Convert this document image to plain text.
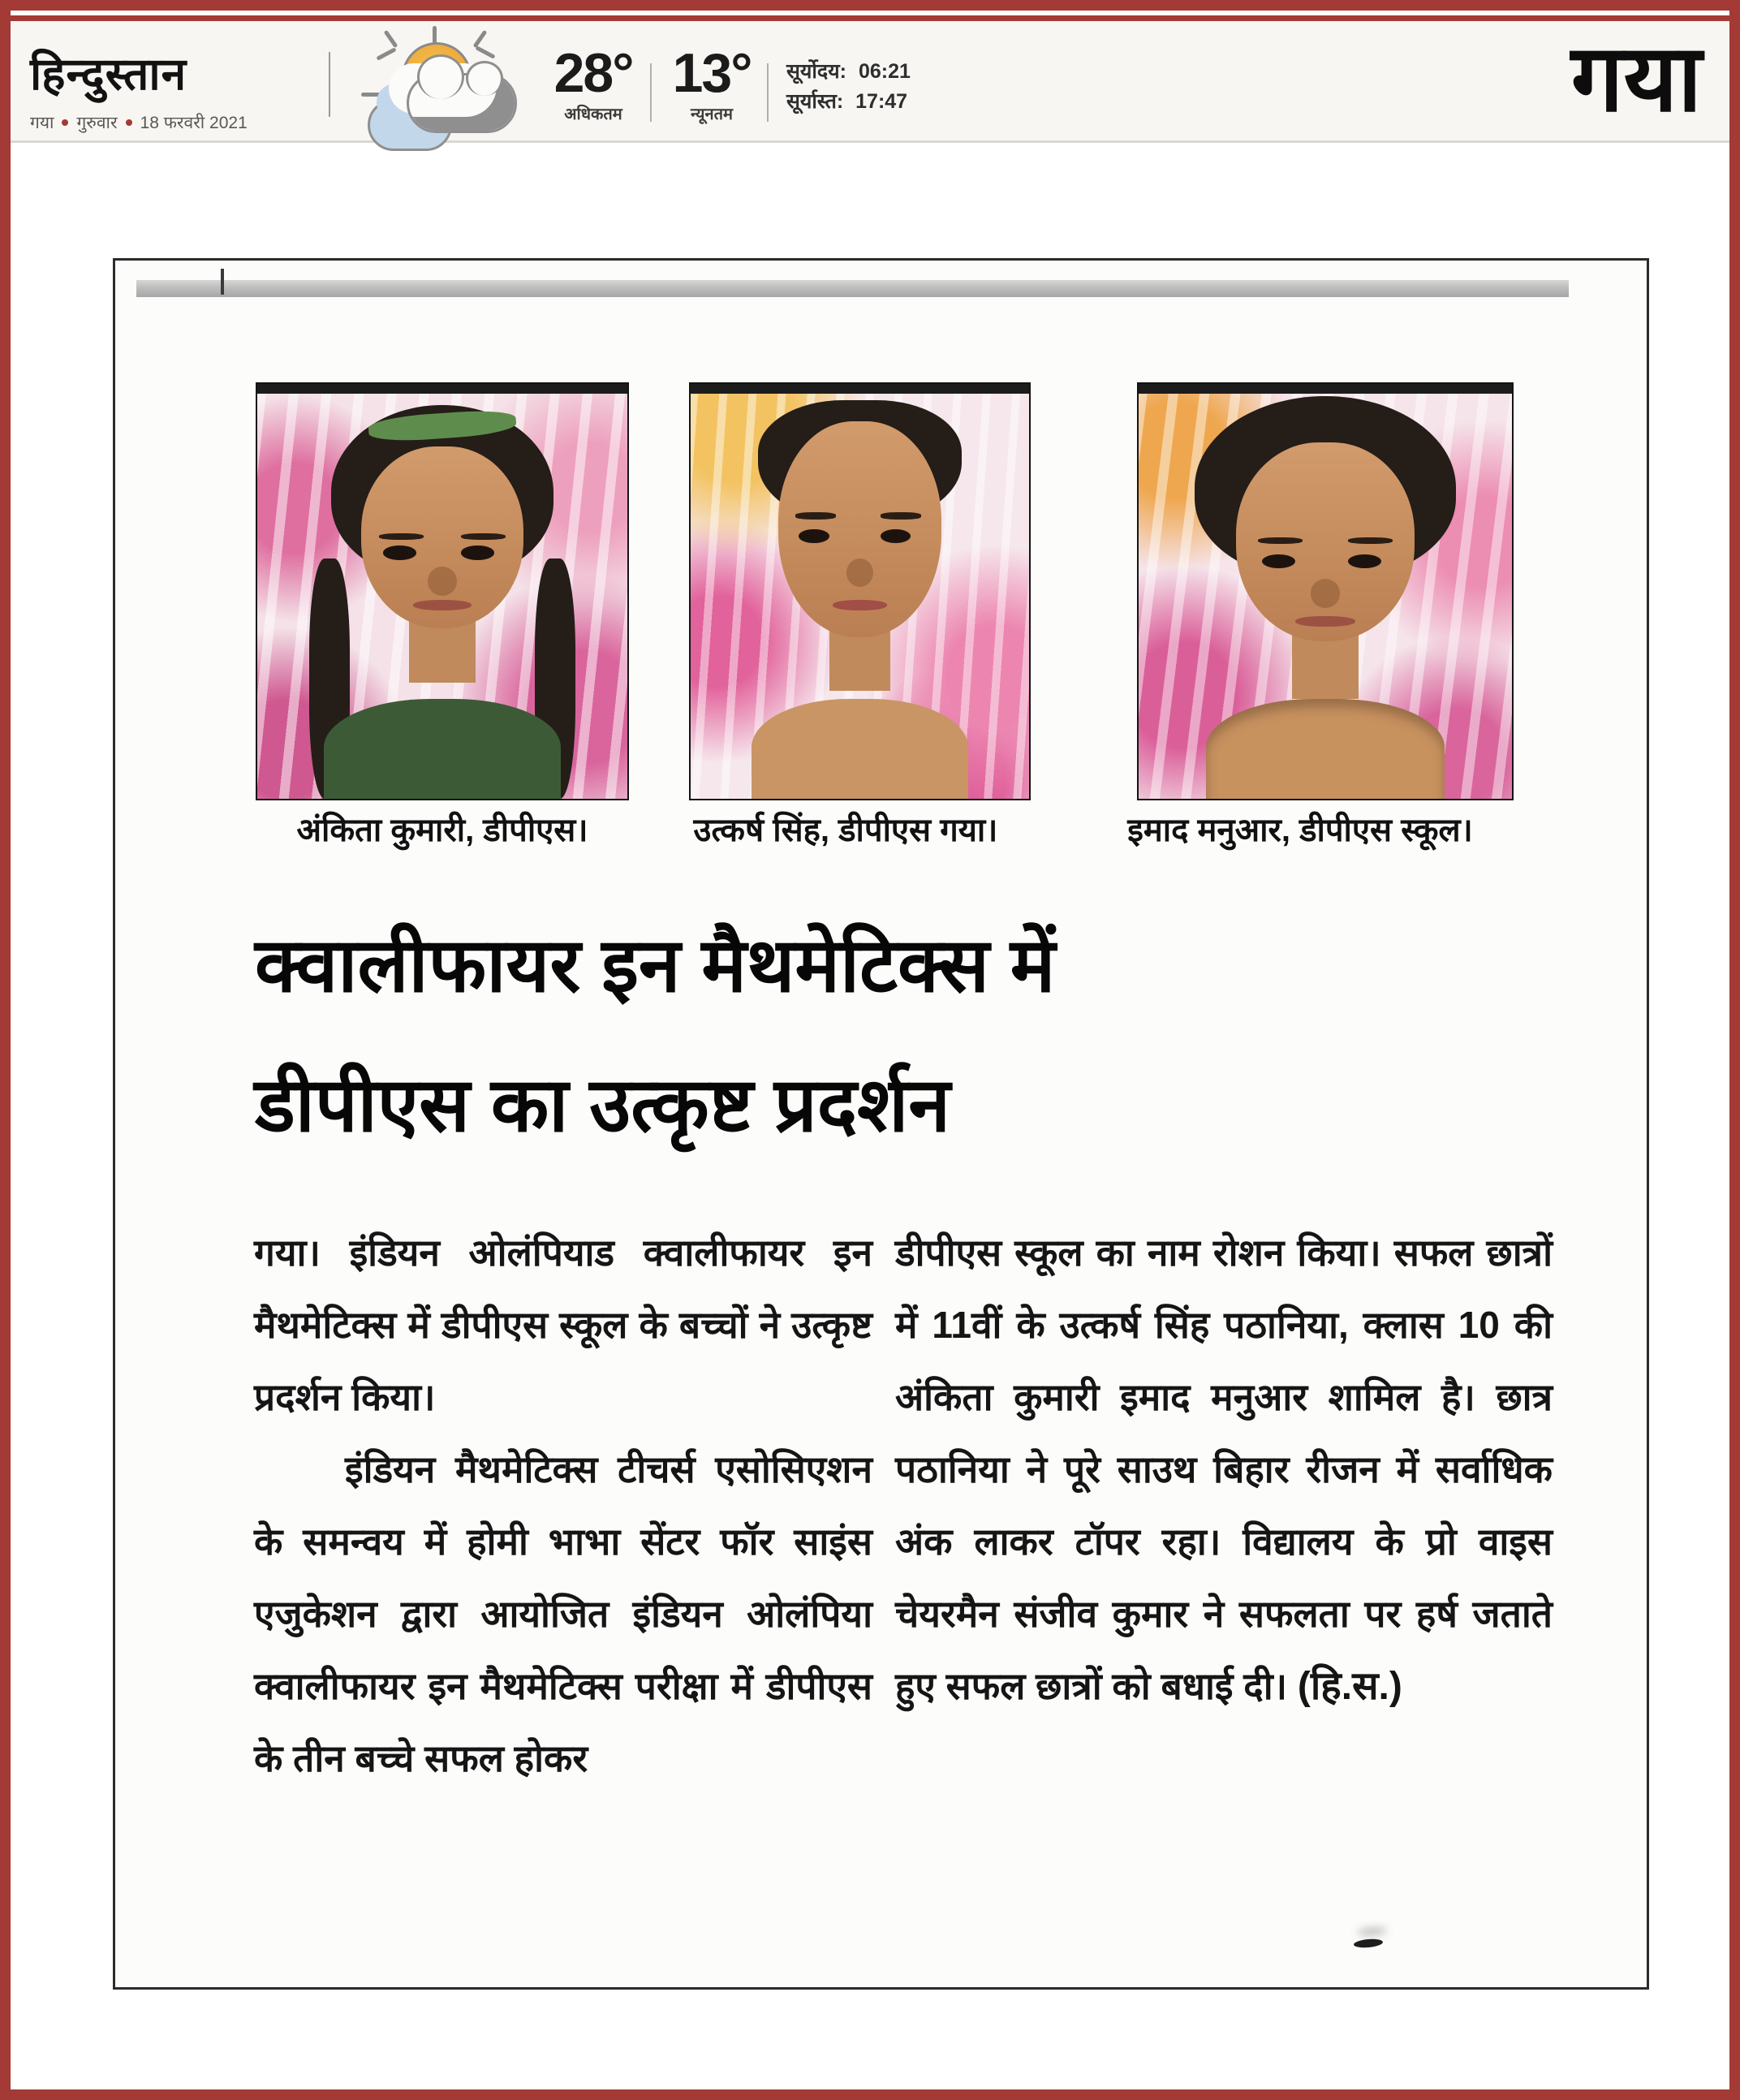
हिन्दुस्तान
गया गुरुवार 18 फरवरी 2021
28°
अधिकतम
13°
न्यूनतम
सूर्योदय: 06:21
सूर्यास्त: 17:47	गया
अंकिता कुमारी, डीपीएस।	उत्कर्ष सिंह, डीपीएस गया।	इमाद मनुआर, डीपीएस स्कूल।
क्वालीफायर इन मैथमेटिक्स में
डीपीएस का उत्कृष्ट प्रदर्शन

गया। इंडियन ओलंपियाड क्वालीफायर इन मैथमेटिक्स में डीपीएस स्कूल के बच्चों ने उत्कृष्ट प्रदर्शन किया।

इंडियन मैथमेटिक्स टीचर्स एसोसिएशन के समन्वय में होमी भाभा सेंटर फॉर साइंस एजुकेशन द्वारा आयोजित इंडियन ओलंपिया क्वालीफायर इन मैथमेटिक्स परीक्षा में डीपीएस के तीन बच्चे सफल होकर

डीपीएस स्कूल का नाम रोशन किया। सफल छात्रों में 11वीं के उत्कर्ष सिंह पठानिया, क्लास 10 की अंकिता कुमारी इमाद मनुआर शामिल है। छात्र पठानिया ने पूरे साउथ बिहार रीजन में सर्वाधिक अंक लाकर टॉपर रहा। विद्यालय के प्रो वाइस चेयरमैन संजीव कुमार ने सफलता पर हर्ष जताते हुए सफल छात्रों को बधाई दी। (हि.स.)
